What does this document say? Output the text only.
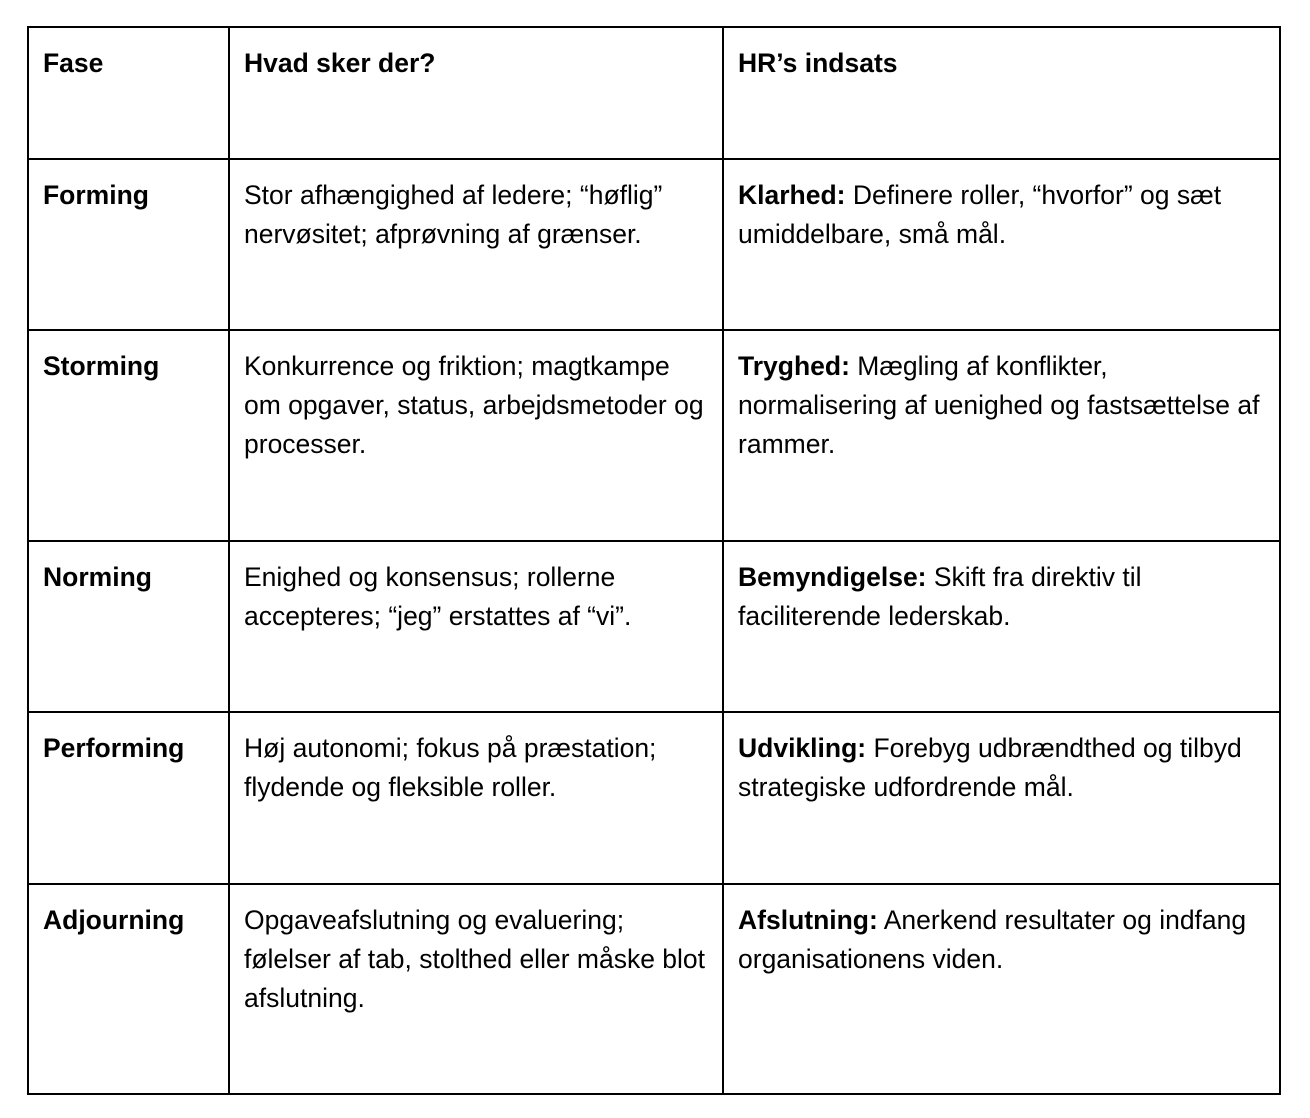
Fase	Hvad sker der?	HR’s indsats
Forming	Stor afhængighed af ledere; “høflig” nervøsitet; afprøvning af grænser.	Klarhed: Definere roller, “hvorfor” og sæt umiddelbare, små mål.
Storming	Konkurrence og friktion; magtkampe om opgaver, status, arbejdsmetoder og processer.	Tryghed: Mægling af konflikter, normalisering af uenighed og fastsættelse af rammer.
Norming	Enighed og konsensus; rollerne accepteres; “jeg” erstattes af “vi”.	Bemyndigelse: Skift fra direktiv til faciliterende lederskab.
Performing	Høj autonomi; fokus på præstation; flydende og fleksible roller.	Udvikling: Forebyg udbrændthed og tilbyd strategiske udfordrende mål.
Adjourning	Opgaveafslutning og evaluering; følelser af tab, stolthed eller måske blot afslutning.	Afslutning: Anerkend resultater og indfang organisationens viden.
